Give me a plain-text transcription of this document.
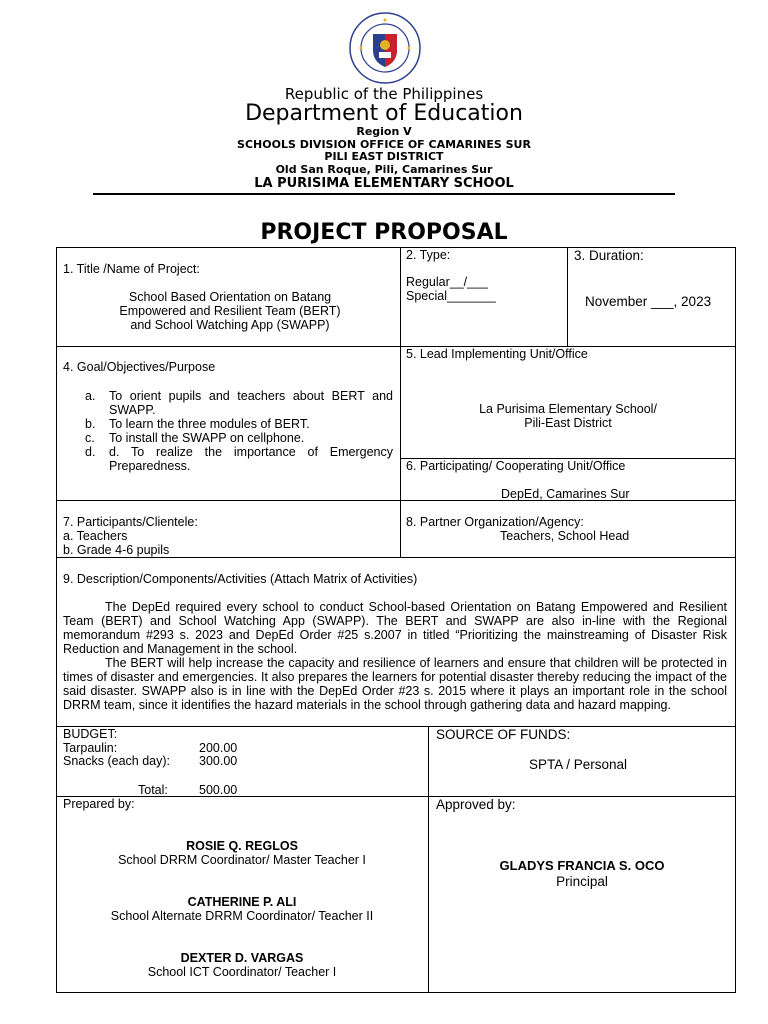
Republic of the Philippines
Department of Education
Region V
SCHOOLS DIVISION OFFICE OF CAMARINES SUR
PILI EAST DISTRICT
Old San Roque, Pili, Camarines Sur
LA PURISIMA ELEMENTARY SCHOOL
PROJECT PROPOSAL
1. Title /Name of Project:
School Based Orientation on Batang
Empowered and Resilient Team (BERT)
and School Watching App (SWAPP)
2. Type:
Regular__/___
Special_______
3. Duration:
November ___, 2023
4. Goal/Objectives/Purpose
a. To orient pupils and teachers about BERT and SWAPP.
b. To learn the three modules of BERT.
c. To install the SWAPP on cellphone.
d. d. To realize the importance of Emergency Preparedness.
5. Lead Implementing Unit/Office
La Purisima Elementary School/
Pili-East District
6. Participating/ Cooperating Unit/Office
DepEd, Camarines Sur
7. Participants/Clientele:
a. Teachers
b. Grade 4-6 pupils
8. Partner Organization/Agency:
Teachers, School Head
9. Description/Components/Activities (Attach Matrix of Activities)
The DepEd required every school to conduct School-based Orientation on Batang Empowered and Resilient Team (BERT) and School Watching App (SWAPP). The BERT and SWAPP are also in-line with the Regional memorandum #293 s. 2023 and DepEd Order #25 s.2007 in titled “Prioritizing the mainstreaming of Disaster Risk Reduction and Management in the school.
The BERT will help increase the capacity and resilience of learners and ensure that children will be protected in times of disaster and emergencies. It also prepares the learners for potential disaster thereby reducing the impact of the said disaster. SWAPP also is in line with the DepEd Order #23 s. 2015 where it plays an important role in the school DRRM team, since it identifies the hazard materials in the school through gathering data and hazard mapping.
BUDGET:
Tarpaulin:	200.00
Snacks (each day): 300.00
Total: 500.00
SOURCE OF FUNDS:
SPTA / Personal
Prepared by:
ROSIE Q. REGLOS
School DRRM Coordinator/ Master Teacher I
CATHERINE P. ALI
School Alternate DRRM Coordinator/ Teacher II
DEXTER D. VARGAS
School ICT Coordinator/ Teacher I
Approved by:
GLADYS FRANCIA S. OCO
Principal
